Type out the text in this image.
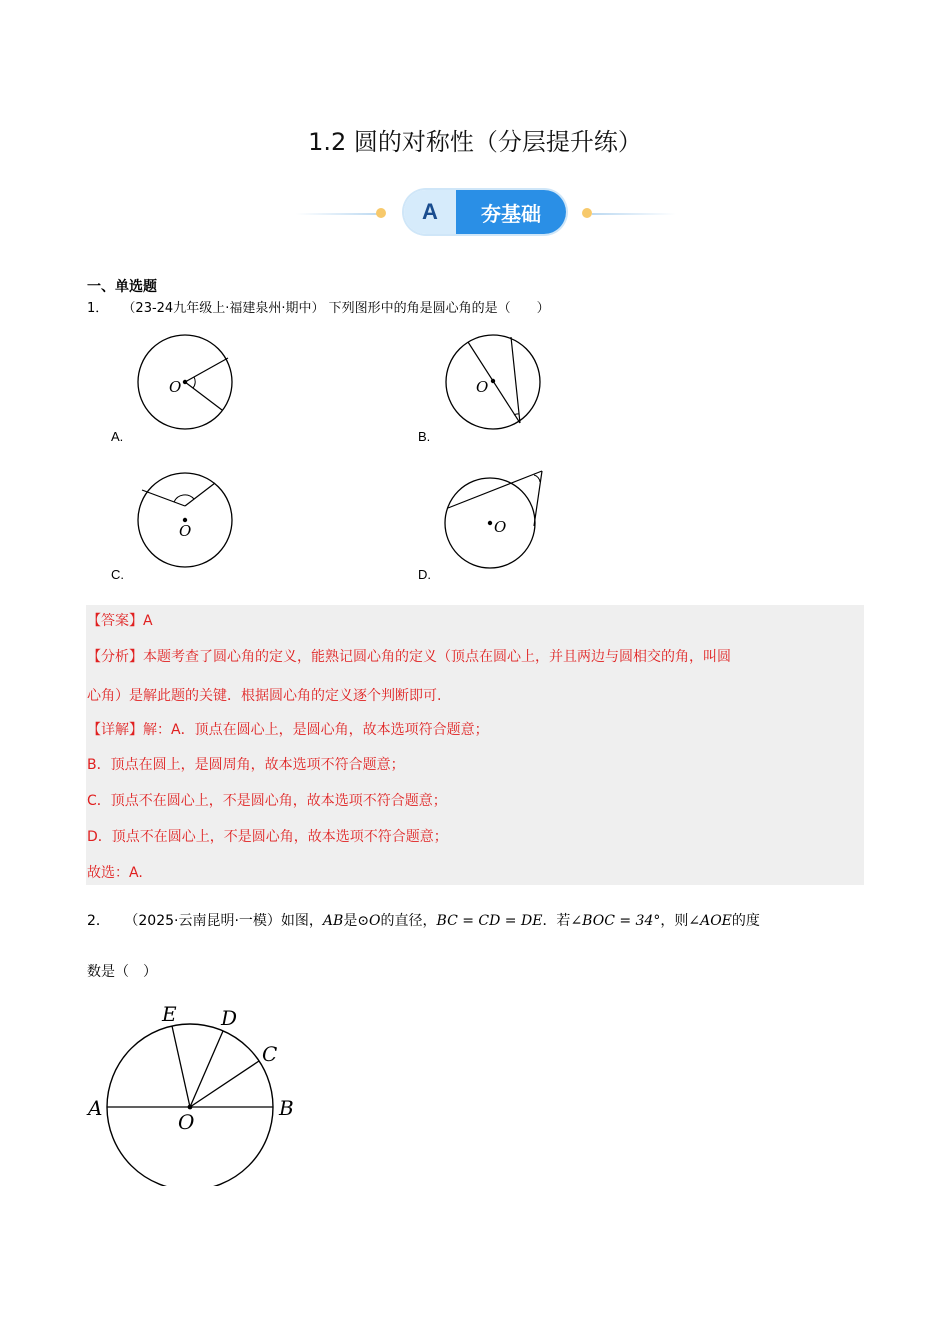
1.2 圆的对称性（分层提升练）
A	夯基础
一、单选题
1． （23-24九年级上·福建泉州·期中） 下列图形中的角是圆心角的是（　　）
O
A.
O
B.
O
C.
O
D.
【答案】A
【分析】本题考查了圆心角的定义，能熟记圆心角的定义（顶点在圆心上，并且两边与圆相交的角，叫圆
心角）是解此题的关键．根据圆心角的定义逐个判断即可.
【详解】解：A．顶点在圆心上，是圆心角，故本选项符合题意；
B．顶点在圆上，是圆周角，故本选项不符合题意；
C．顶点不在圆心上，不是圆心角，故本选项不符合题意；
D．顶点不在圆心上，不是圆心角，故本选项不符合题意；
故选：A.
2． （2025·云南昆明·一模）如图，AB是⊙O的直径，BC = CD = DE．若∠BOC = 34°，则∠AOE的度
数是（　）
A	B
C
D
E
O
